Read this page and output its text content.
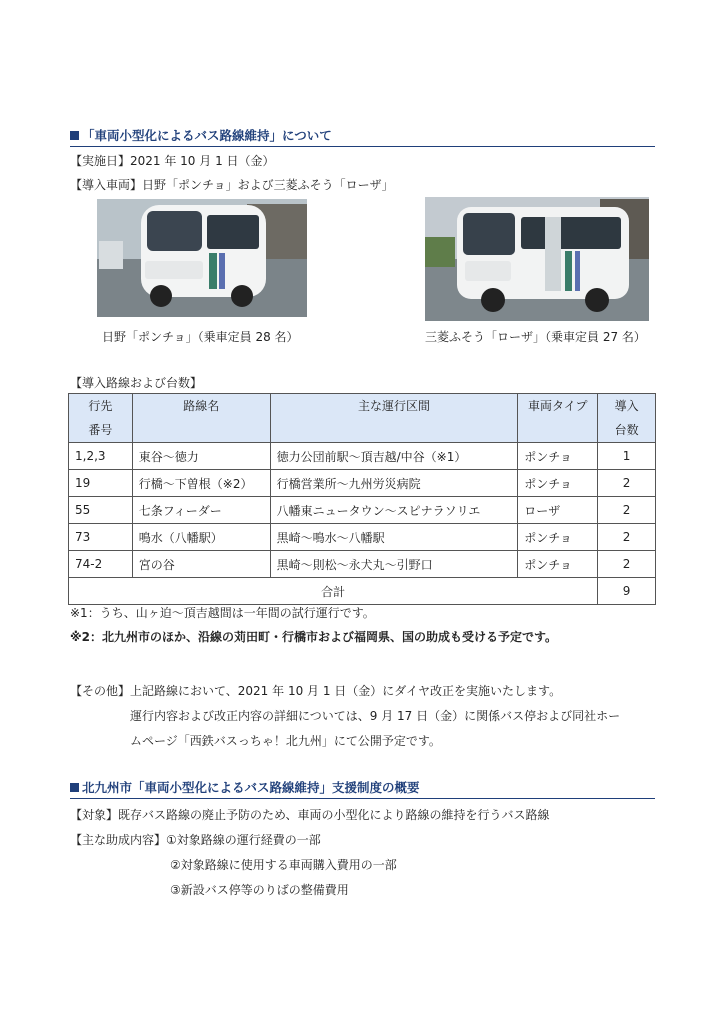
「車両小型化によるバス路線維持」について
【実施日】2021 年 10 月 1 日（金）
【導入車両】日野「ポンチョ」および三菱ふそう「ローザ」
日野「ポンチョ」（乗車定員 28 名）	三菱ふそう「ローザ」（乗車定員 27 名）
【導入路線および台数】
行先
番号	路線名	主な運行区間	車両タイプ	導入
台数
1,2,3	東谷～徳力	徳力公団前駅～頂吉越/中谷（※1）	ポンチョ	1
19	行橋～下曽根（※2）	行橋営業所～九州労災病院	ポンチョ	2
55	七条フィーダー	八幡東ニュータウン～スピナラソリエ	ローザ	2
73	鳴水（八幡駅）	黒崎～鳴水～八幡駅	ポンチョ	2
74-2	宮の谷	黒崎～則松～永犬丸～引野口	ポンチョ	2
合計				9
※1：うち、山ヶ迫～頂吉越間は一年間の試行運行です。
※2：北九州市のほか、沿線の苅田町・行橋市および福岡県、国の助成も受ける予定です。
【その他】上記路線において、2021 年 10 月 1 日（金）にダイヤ改正を実施いたします。
運行内容および改正内容の詳細については、9 月 17 日（金）に関係バス停および同社ホー
ムページ「西鉄バスっちゃ！北九州」にて公開予定です。
北九州市「車両小型化によるバス路線維持」支援制度の概要
【対象】既存バス路線の廃止予防のため、車両の小型化により路線の維持を行うバス路線
【主な助成内容】①対象路線の運行経費の一部
②対象路線に使用する車両購入費用の一部
③新設バス停等のりばの整備費用
